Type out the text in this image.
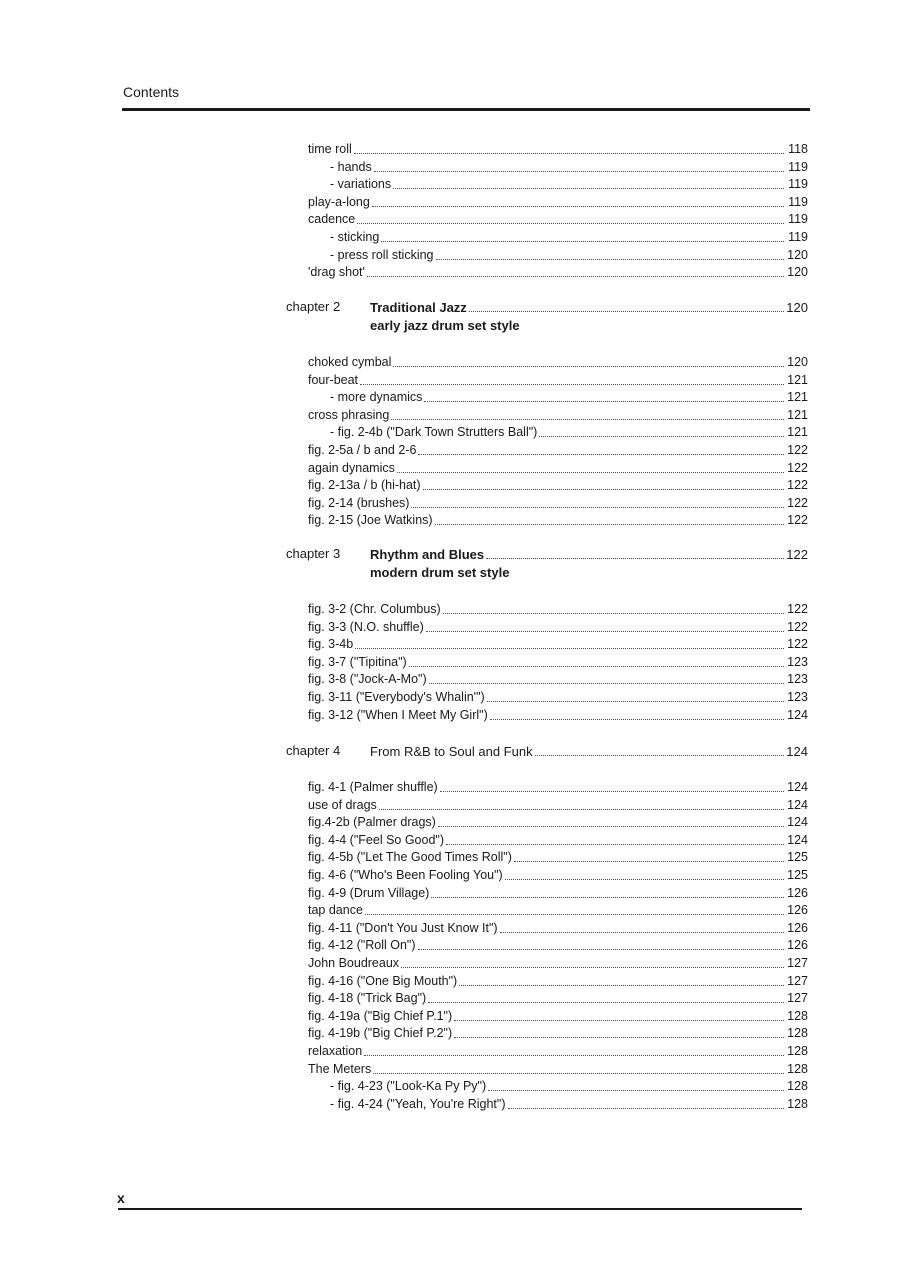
Contents
time roll	118
- hands	119
- variations	119
play-a-long	119
cadence	119
- sticking	119
- press roll sticking	120
'drag shot'	120
chapter 2 Traditional Jazz	120
early jazz drum set style
choked cymbal	120
four-beat	121
- more dynamics	121
cross phrasing	121
- fig. 2-4b ("Dark Town Strutters Ball")	121
fig. 2-5a / b and 2-6	122
again dynamics	122
fig. 2-13a / b (hi-hat)	122
fig. 2-14 (brushes)	122
fig. 2-15 (Joe Watkins)	122
chapter 3 Rhythm and Blues	122
modern drum set style
fig. 3-2 (Chr. Columbus)	122
fig. 3-3 (N.O. shuffle)	122
fig. 3-4b	122
fig. 3-7 ("Tipitina")	123
fig. 3-8 ("Jock-A-Mo")	123
fig. 3-11 ("Everybody's Whalin'")	123
fig. 3-12 ("When I Meet My Girl")	124
chapter 4 From R&B to Soul and Funk	124
fig. 4-1 (Palmer shuffle)	124
use of drags	124
fig.4-2b (Palmer drags)	124
fig. 4-4 ("Feel So Good")	124
fig. 4-5b ("Let The Good Times Roll")	125
fig. 4-6 ("Who's Been Fooling You")	125
fig. 4-9 (Drum Village)	126
tap dance	126
fig. 4-11 ("Don't You Just Know It")	126
fig. 4-12 ("Roll On")	126
John Boudreaux	127
fig. 4-16 ("One Big Mouth")	127
fig. 4-18 ("Trick Bag")	127
fig. 4-19a ("Big Chief P.1")	128
fig. 4-19b ("Big Chief P.2")	128
relaxation	128
The Meters	128
- fig. 4-23 ("Look-Ka Py Py")	128
- fig. 4-24 ("Yeah, You're Right")	128
x
